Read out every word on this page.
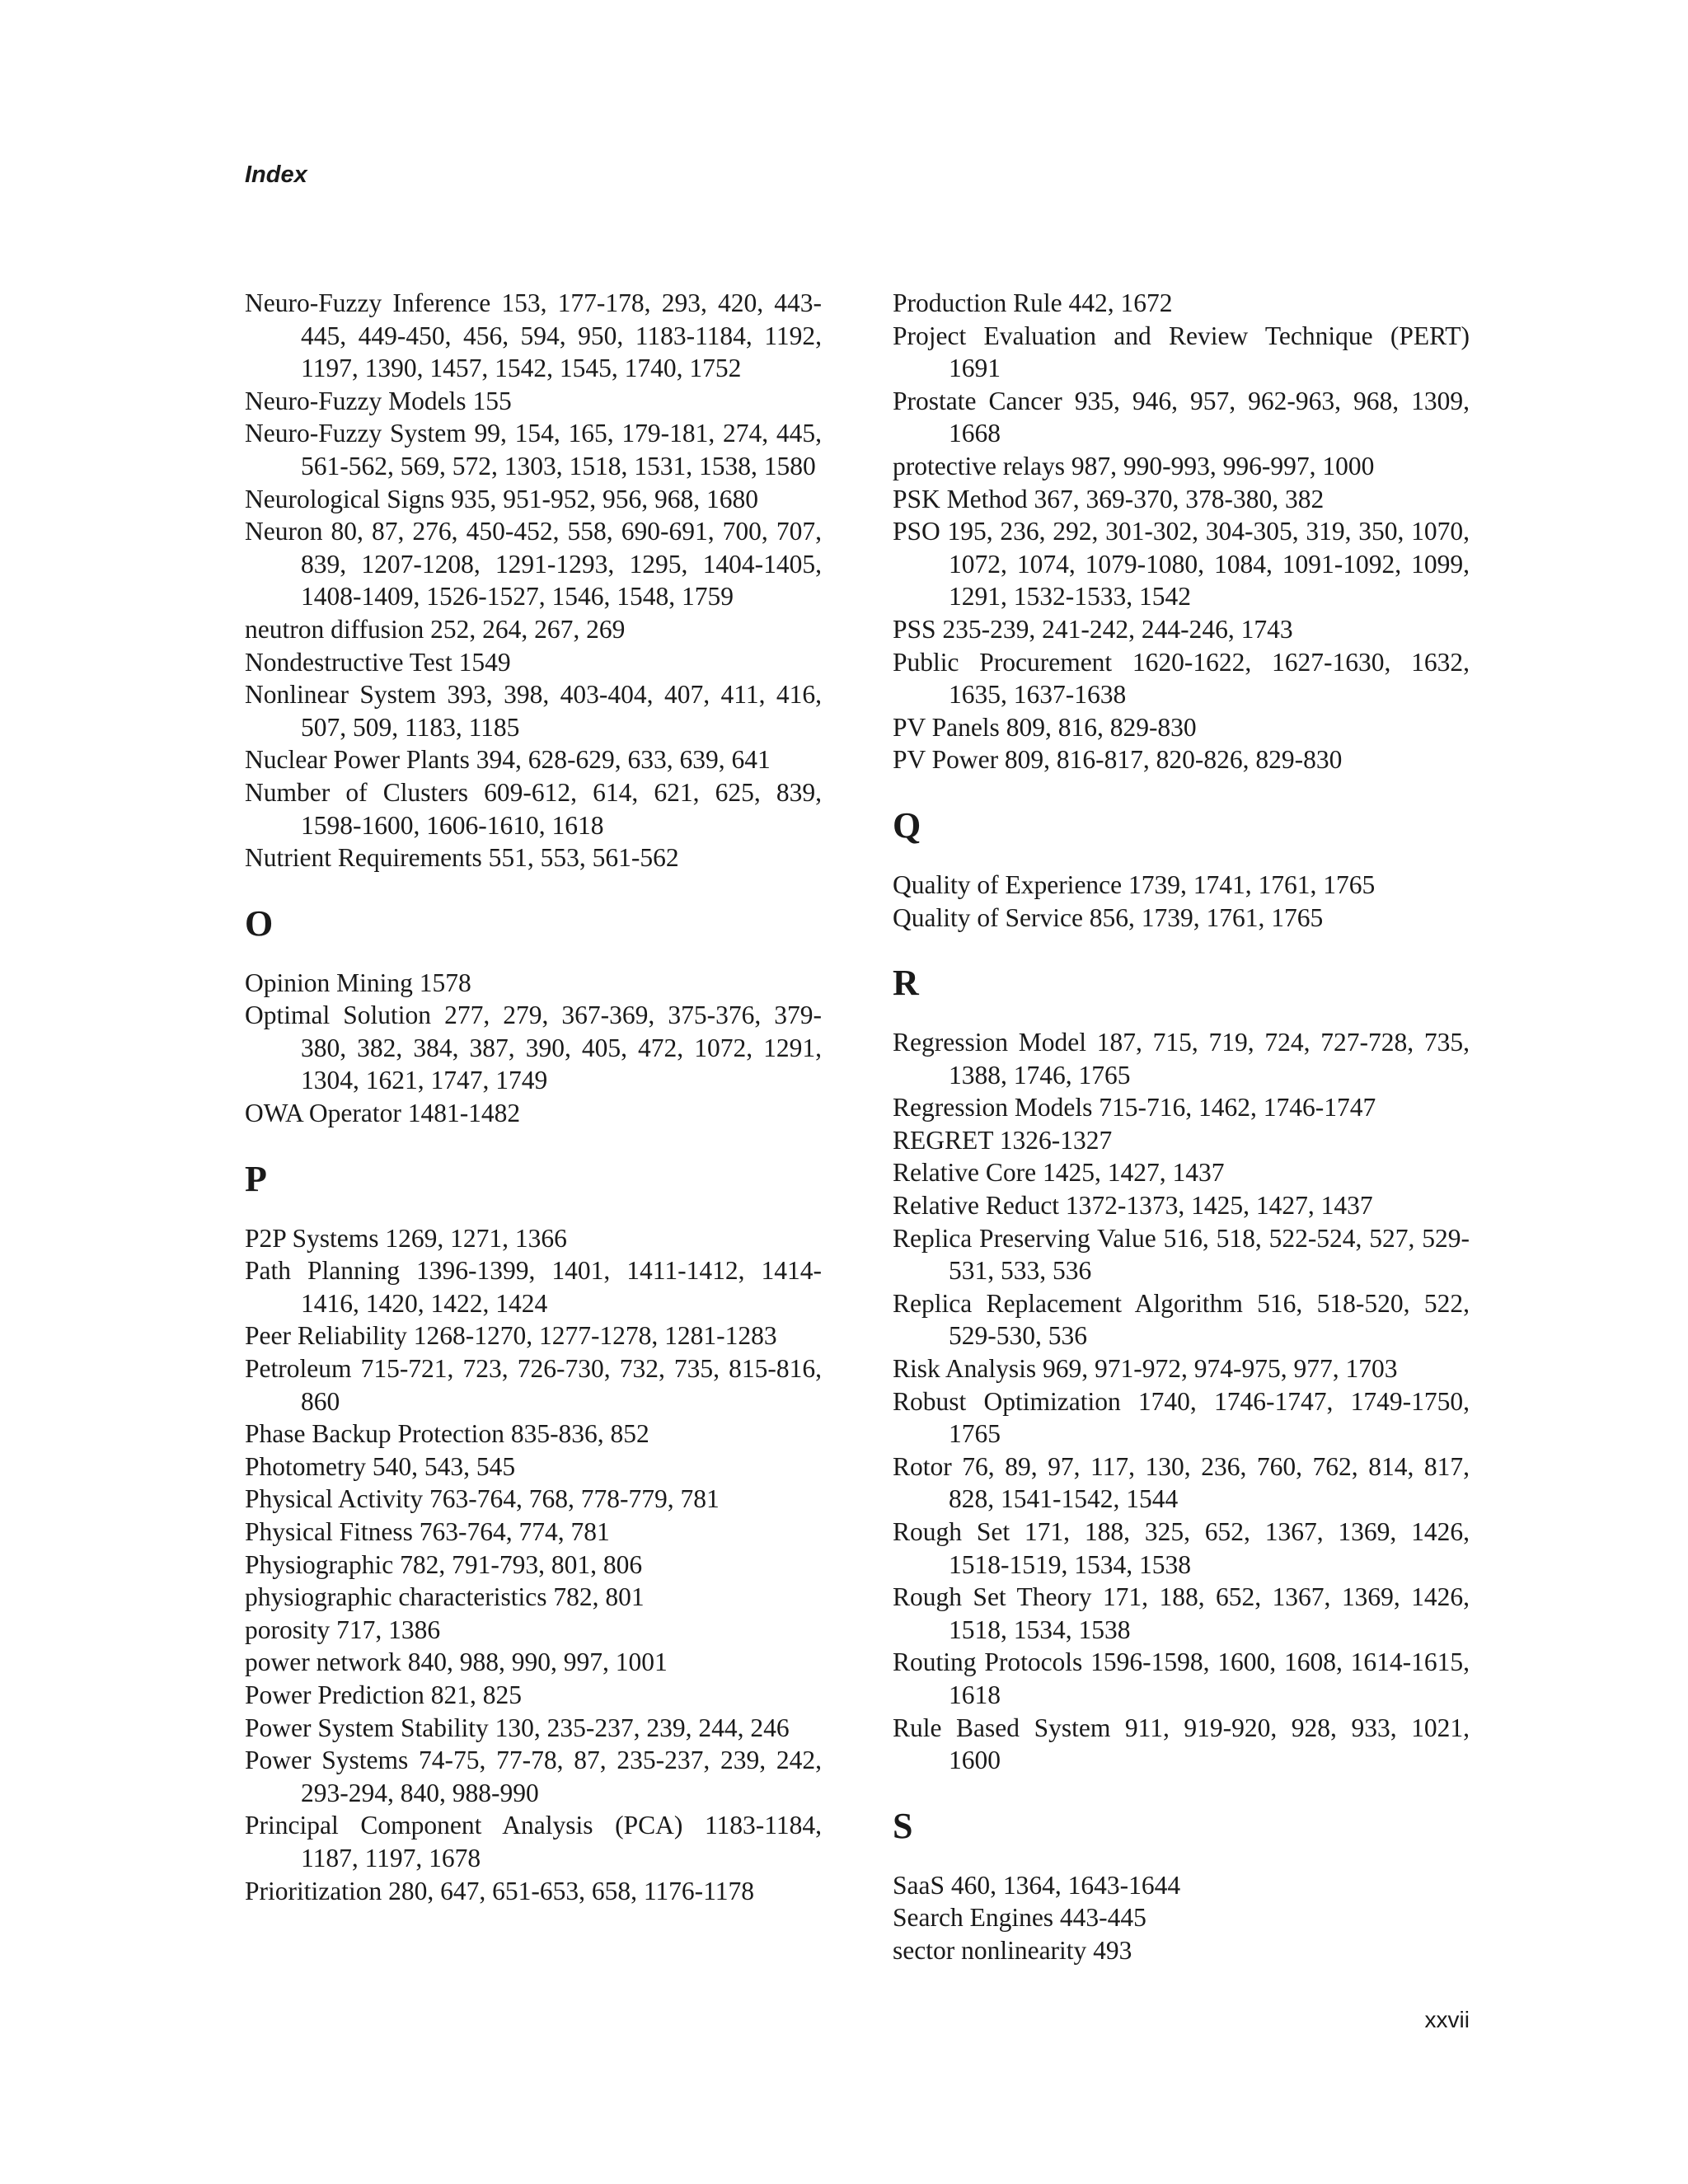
Index
Neuro-Fuzzy Inference 153, 177-178, 293, 420, 443-445, 449-450, 456, 594, 950, 1183-1184, 1192, 1197, 1390, 1457, 1542, 1545, 1740, 1752
Neuro-Fuzzy Models 155
Neuro-Fuzzy System 99, 154, 165, 179-181, 274, 445, 561-562, 569, 572, 1303, 1518, 1531, 1538, 1580
Neurological Signs 935, 951-952, 956, 968, 1680
Neuron 80, 87, 276, 450-452, 558, 690-691, 700, 707, 839, 1207-1208, 1291-1293, 1295, 1404-1405, 1408-1409, 1526-1527, 1546, 1548, 1759
neutron diffusion 252, 264, 267, 269
Nondestructive Test 1549
Nonlinear System 393, 398, 403-404, 407, 411, 416, 507, 509, 1183, 1185
Nuclear Power Plants 394, 628-629, 633, 639, 641
Number of Clusters 609-612, 614, 621, 625, 839, 1598-1600, 1606-1610, 1618
Nutrient Requirements 551, 553, 561-562
O
Opinion Mining 1578
Optimal Solution 277, 279, 367-369, 375-376, 379-380, 382, 384, 387, 390, 405, 472, 1072, 1291, 1304, 1621, 1747, 1749
OWA Operator 1481-1482
P
P2P Systems 1269, 1271, 1366
Path Planning 1396-1399, 1401, 1411-1412, 1414-1416, 1420, 1422, 1424
Peer Reliability 1268-1270, 1277-1278, 1281-1283
Petroleum 715-721, 723, 726-730, 732, 735, 815-816, 860
Phase Backup Protection 835-836, 852
Photometry 540, 543, 545
Physical Activity 763-764, 768, 778-779, 781
Physical Fitness 763-764, 774, 781
Physiographic 782, 791-793, 801, 806
physiographic characteristics 782, 801
porosity 717, 1386
power network 840, 988, 990, 997, 1001
Power Prediction 821, 825
Power System Stability 130, 235-237, 239, 244, 246
Power Systems 74-75, 77-78, 87, 235-237, 239, 242, 293-294, 840, 988-990
Principal Component Analysis (PCA) 1183-1184, 1187, 1197, 1678
Prioritization 280, 647, 651-653, 658, 1176-1178
Production Rule 442, 1672
Project Evaluation and Review Technique (PERT) 1691
Prostate Cancer 935, 946, 957, 962-963, 968, 1309, 1668
protective relays 987, 990-993, 996-997, 1000
PSK Method 367, 369-370, 378-380, 382
PSO 195, 236, 292, 301-302, 304-305, 319, 350, 1070, 1072, 1074, 1079-1080, 1084, 1091-1092, 1099, 1291, 1532-1533, 1542
PSS 235-239, 241-242, 244-246, 1743
Public Procurement 1620-1622, 1627-1630, 1632, 1635, 1637-1638
PV Panels 809, 816, 829-830
PV Power 809, 816-817, 820-826, 829-830
Q
Quality of Experience 1739, 1741, 1761, 1765
Quality of Service 856, 1739, 1761, 1765
R
Regression Model 187, 715, 719, 724, 727-728, 735, 1388, 1746, 1765
Regression Models 715-716, 1462, 1746-1747
REGRET 1326-1327
Relative Core 1425, 1427, 1437
Relative Reduct 1372-1373, 1425, 1427, 1437
Replica Preserving Value 516, 518, 522-524, 527, 529-531, 533, 536
Replica Replacement Algorithm 516, 518-520, 522, 529-530, 536
Risk Analysis 969, 971-972, 974-975, 977, 1703
Robust Optimization 1740, 1746-1747, 1749-1750, 1765
Rotor 76, 89, 97, 117, 130, 236, 760, 762, 814, 817, 828, 1541-1542, 1544
Rough Set 171, 188, 325, 652, 1367, 1369, 1426, 1518-1519, 1534, 1538
Rough Set Theory 171, 188, 652, 1367, 1369, 1426, 1518, 1534, 1538
Routing Protocols 1596-1598, 1600, 1608, 1614-1615, 1618
Rule Based System 911, 919-920, 928, 933, 1021, 1600
S
SaaS 460, 1364, 1643-1644
Search Engines 443-445
sector nonlinearity 493
xxvii
